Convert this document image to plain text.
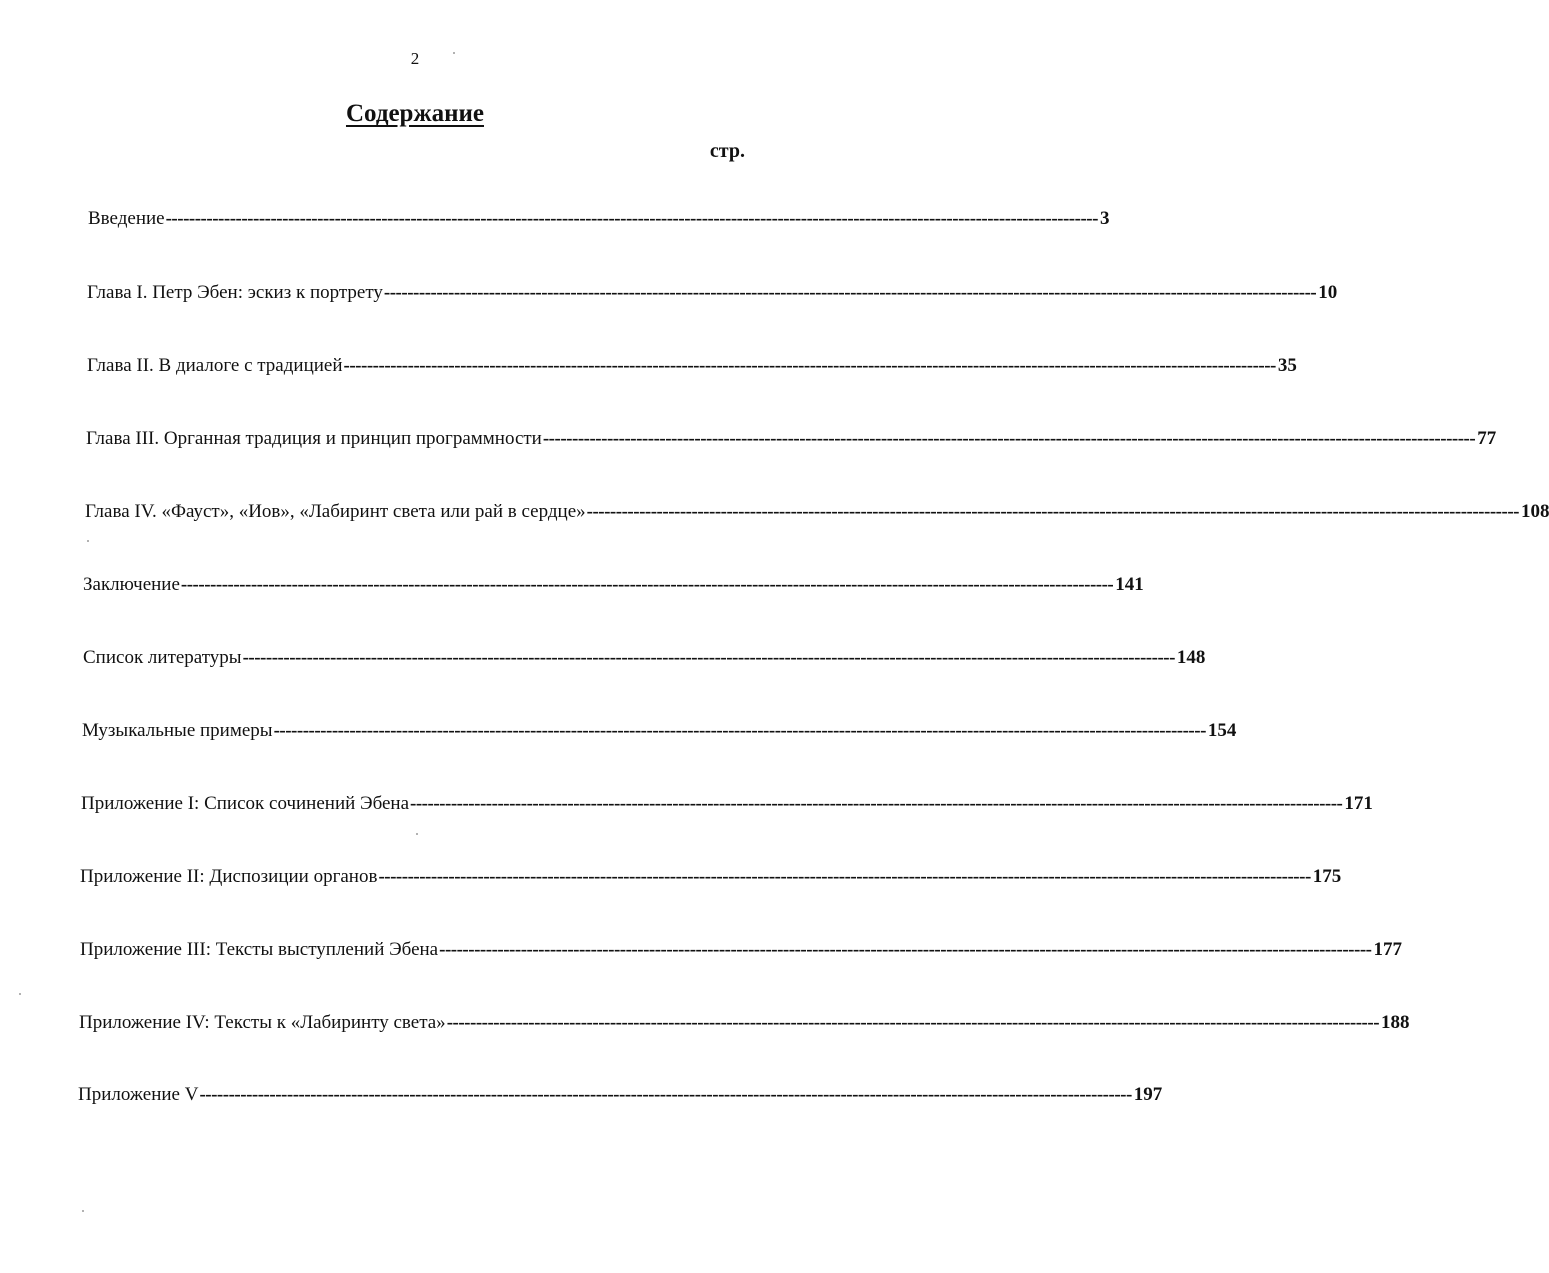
2
Содержание
стр.
Введение ---------------------------------------------------------------------------------------------------------------------------------------------------------------- 3
Глава I. Петр Эбен: эскиз к портрету ---------------------------------------------------------------------------------------------------------------------------------------------------------------- 10
Глава II. В диалоге с традицией ---------------------------------------------------------------------------------------------------------------------------------------------------------------- 35
Глава III. Органная традиция и принцип программности ---------------------------------------------------------------------------------------------------------------------------------------------------------------- 77
Глава IV. «Фауст», «Иов», «Лабиринт света или рай в сердце» ---------------------------------------------------------------------------------------------------------------------------------------------------------------- 108
Заключение ---------------------------------------------------------------------------------------------------------------------------------------------------------------- 141
Список литературы ---------------------------------------------------------------------------------------------------------------------------------------------------------------- 148
Музыкальные примеры ---------------------------------------------------------------------------------------------------------------------------------------------------------------- 154
Приложение I: Список сочинений Эбена ---------------------------------------------------------------------------------------------------------------------------------------------------------------- 171
Приложение II: Диспозиции органов ---------------------------------------------------------------------------------------------------------------------------------------------------------------- 175
Приложение III: Тексты выступлений Эбена ---------------------------------------------------------------------------------------------------------------------------------------------------------------- 177
Приложение IV: Тексты к «Лабиринту света» ---------------------------------------------------------------------------------------------------------------------------------------------------------------- 188
Приложение V ---------------------------------------------------------------------------------------------------------------------------------------------------------------- 197
